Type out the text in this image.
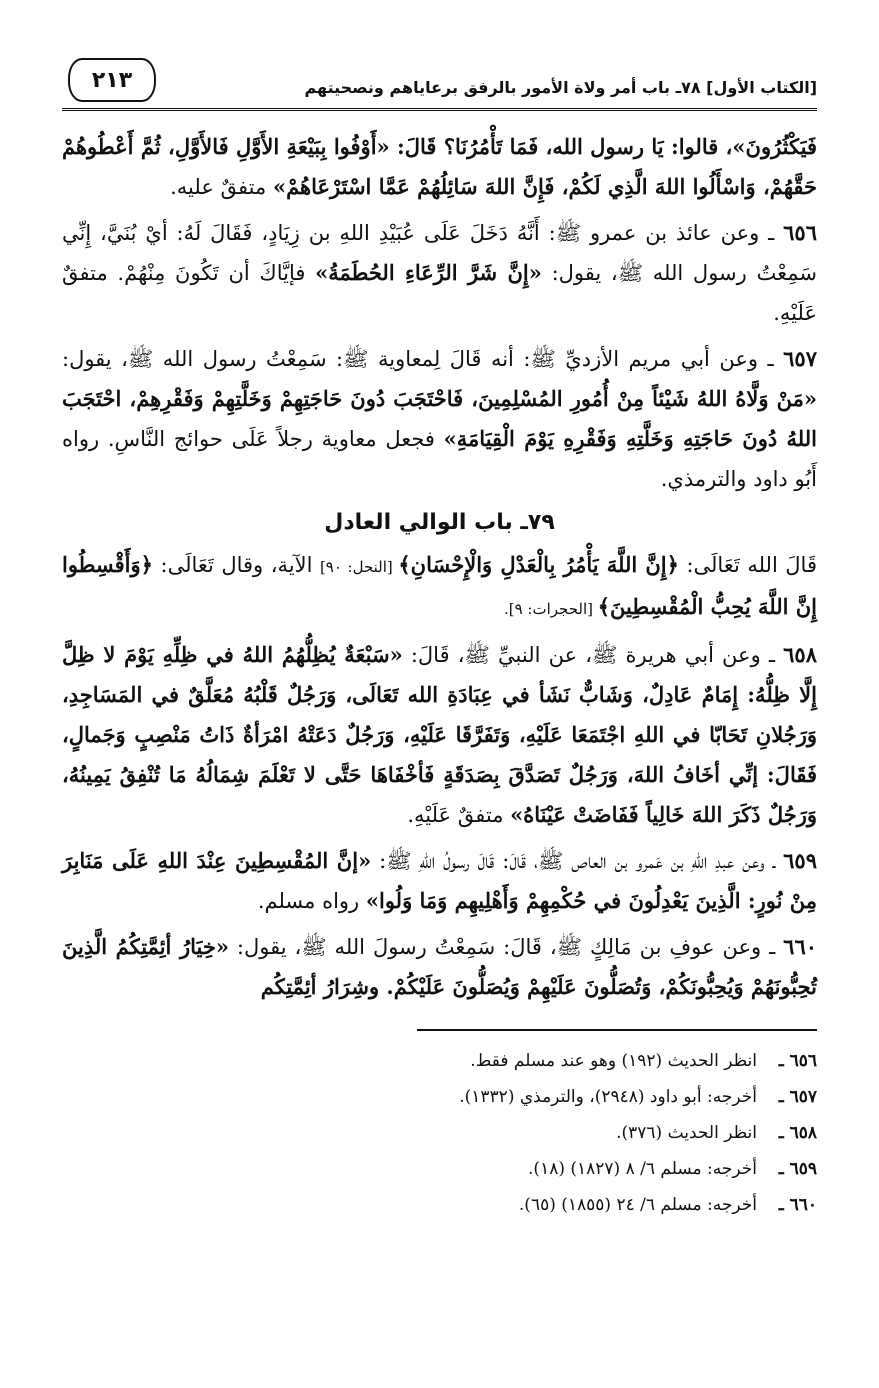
[الكتاب الأول] ٧٨ـ باب أمر ولاة الأمور بالرفق برعاياهم ونصحيتهم
٢١٣

فَيَكْثُرُونَ»، قالوا: يَا رسول الله، فَمَا تَأْمُرُنَا؟ قَالَ: «أَوْفُوا بِبَيْعَةِ الأَوَّلِ فَالأَوَّلِ، ثُمَّ أَعْطُوهُمْ حَقَّهُمْ، وَاسْأَلُوا اللهَ الَّذِي لَكُمْ، فَإِنَّ اللهَ سَائِلُهُمْ عَمَّا اسْتَرْعَاهُمْ» متفقٌ عليه.

٦٥٦ ـ وعن عائذ بن عمرو ﷺ: أَنَّهُ دَخَلَ عَلَى عُبَيْدِ اللهِ بن زِيَادٍ، فَقَالَ لَهُ: أيْ بُنَيَّ، إِنِّي سَمِعْتُ رسول الله ﷺ، يقول: «إِنَّ شَرَّ الرِّعَاءِ الحُطَمَةُ» فإيَّاكَ أن تَكُونَ مِنْهُمْ. متفقٌ عَلَيْهِ.

٦٥٧ ـ وعن أبي مريم الأزديِّ ﷺ: أنه قَالَ لِمعاوية ﷺ: سَمِعْتُ رسول الله ﷺ، يقول: «مَنْ وَلَّاهُ اللهُ شَيْئاً مِنْ أُمُورِ المُسْلِمِينَ، فَاحْتَجَبَ دُونَ حَاجَتِهِمْ وَخَلَّتِهِمْ وَفَقْرِهِمْ، احْتَجَبَ اللهُ دُونَ حَاجَتِهِ وَخَلَّتِهِ وَفَقْرِهِ يَوْمَ الْقِيَامَةِ» فجعل معاوية رجلاً عَلَى حوائج النَّاسِ. رواه أَبُو داود والترمذي.

٧٩ـ باب الوالي العادل

قَالَ الله تَعَالَى: ﴿إِنَّ اللَّهَ يَأْمُرُ بِالْعَدْلِ وَالْإِحْسَانِ﴾ [النحل: ٩٠] الآية، وقال تَعَالَى: ﴿وَأَقْسِطُوا إِنَّ اللَّهَ يُحِبُّ الْمُقْسِطِينَ﴾ [الحجرات: ٩].

٦٥٨ ـ وعن أبي هريرة ﷺ، عن النبيِّ ﷺ، قَالَ: «سَبْعَةٌ يُظِلُّهُمُ اللهُ في ظِلِّهِ يَوْمَ لا ظِلَّ إِلَّا ظِلُّهُ: إِمَامٌ عَادِلٌ، وَشَابٌّ نَشَأ في عِبَادَةِ الله تَعَالَى، وَرَجُلٌ قَلْبُهُ مُعَلَّقٌ في المَسَاجِدِ، وَرَجُلانِ تَحَابّا في اللهِ اجْتَمَعَا عَلَيْهِ، وَتَفَرَّقَا عَلَيْهِ، وَرَجُلٌ دَعَتْهُ امْرَأةٌ ذَاتُ مَنْصِبٍ وَجَمالٍ، فَقَالَ: إنِّي أخَافُ اللهَ، وَرَجُلٌ تَصَدَّقَ بِصَدَقَةٍ فَأخْفَاهَا حَتَّى لا تَعْلَمَ شِمَالُهُ مَا تُنْفِقُ يَمِينُهُ، وَرَجُلٌ ذَكَرَ اللهَ خَالِياً فَفَاضَتْ عَيْنَاهُ» متفقٌ عَلَيْهِ.

٦٥٩ ـ وعن عبدِ اللهِ بن عَمرو بن العاص ﷺ، قَالَ: قَالَ رسولُ اللهِ ﷺ: «إنَّ المُقْسِطِينَ عِنْدَ اللهِ عَلَى مَنَابِرَ مِنْ نُورٍ: الَّذِينَ يَعْدِلُونَ في حُكْمِهِمْ وَأَهْلِيهِم وَمَا وَلُوا» رواه مسلم.

٦٦٠ ـ وعن عوفِ بن مَالِكٍ ﷺ، قَالَ: سَمِعْتُ رسولَ الله ﷺ، يقول: «خِيَارُ أئِمَّتِكُمُ الَّذِينَ تُحِبُّونَهُمْ وَيُحِبُّونَكُمْ، وَتُصَلُّونَ عَلَيْهِمْ وَيُصَلُّونَ عَلَيْكُمْ. وشِرَارُ أئِمَّتِكُم

٦٥٦ ـ
انظر الحديث (١٩٢) وهو عند مسلم فقط.
٦٥٧ ـ
أخرجه: أبو داود (٢٩٤٨)، والترمذي (١٣٣٢).
٦٥٨ ـ
انظر الحديث (٣٧٦).
٦٥٩ ـ
أخرجه: مسلم ٦/ ٨ (١٨٢٧) (١٨).
٦٦٠ ـ
أخرجه: مسلم ٦/ ٢٤ (١٨٥٥) (٦٥).
